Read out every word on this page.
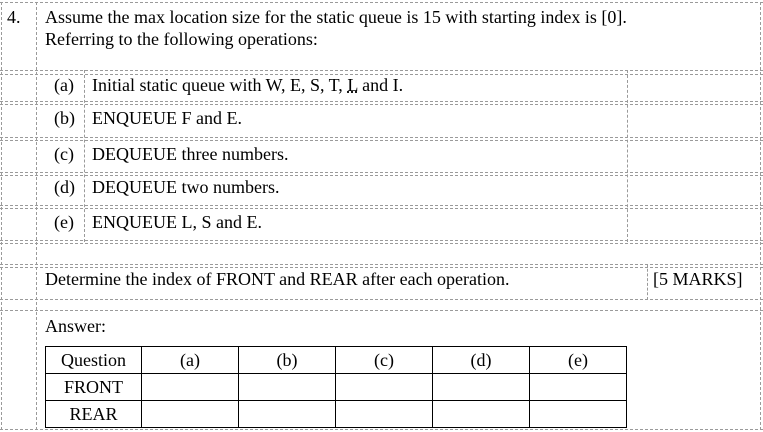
4. Assume the max location size for the static queue is 15 with starting index is [0].
Referring to the following operations:
(a) Initial static queue with W, E, S, T, L and I.
(b) ENQUEUE F and E.
(c) DEQUEUE three numbers.
(d) DEQUEUE two numbers.
(e) ENQUEUE L, S and E.
Determine the index of FRONT and REAR after each operation.	[5 MARKS]
Answer:
Question	(a)	(b)	(c)	(d)	(e)
FRONT					
REAR					
